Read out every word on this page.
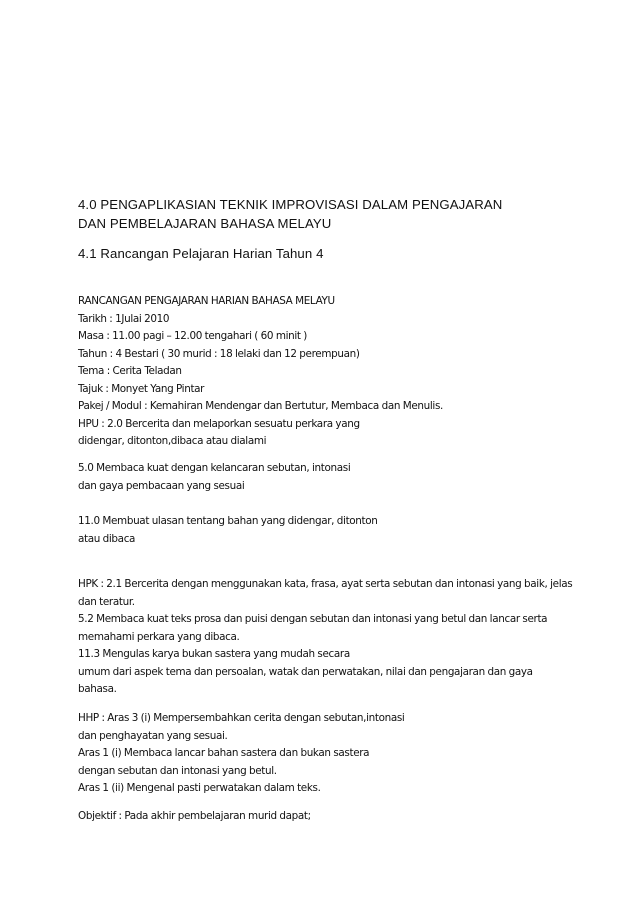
4.0 PENGAPLIKASIAN TEKNIK IMPROVISASI DALAM PENGAJARAN
DAN PEMBELAJARAN BAHASA MELAYU
4.1 Rancangan Pelajaran Harian Tahun 4
RANCANGAN PENGAJARAN HARIAN BAHASA MELAYU
Tarikh : 1Julai 2010
Masa : 11.00 pagi – 12.00 tengahari ( 60 minit )
Tahun : 4 Bestari ( 30 murid : 18 lelaki dan 12 perempuan)
Tema : Cerita Teladan
Tajuk : Monyet Yang Pintar
Pakej / Modul : Kemahiran Mendengar dan Bertutur, Membaca dan Menulis.
HPU : 2.0 Bercerita dan melaporkan sesuatu perkara yang
didengar, ditonton,dibaca atau dialami
5.0 Membaca kuat dengan kelancaran sebutan, intonasi
dan gaya pembacaan yang sesuai
11.0 Membuat ulasan tentang bahan yang didengar, ditonton
atau dibaca
HPK : 2.1 Bercerita dengan menggunakan kata, frasa, ayat serta sebutan dan intonasi yang baik, jelas
dan teratur.
5.2 Membaca kuat teks prosa dan puisi dengan sebutan dan intonasi yang betul dan lancar serta
memahami perkara yang dibaca.
11.3 Mengulas karya bukan sastera yang mudah secara
umum dari aspek tema dan persoalan, watak dan perwatakan, nilai dan pengajaran dan gaya
bahasa.
HHP : Aras 3 (i) Mempersembahkan cerita dengan sebutan,intonasi
dan penghayatan yang sesuai.
Aras 1 (i) Membaca lancar bahan sastera dan bukan sastera
dengan sebutan dan intonasi yang betul.
Aras 1 (ii) Mengenal pasti perwatakan dalam teks.
Objektif : Pada akhir pembelajaran murid dapat;
